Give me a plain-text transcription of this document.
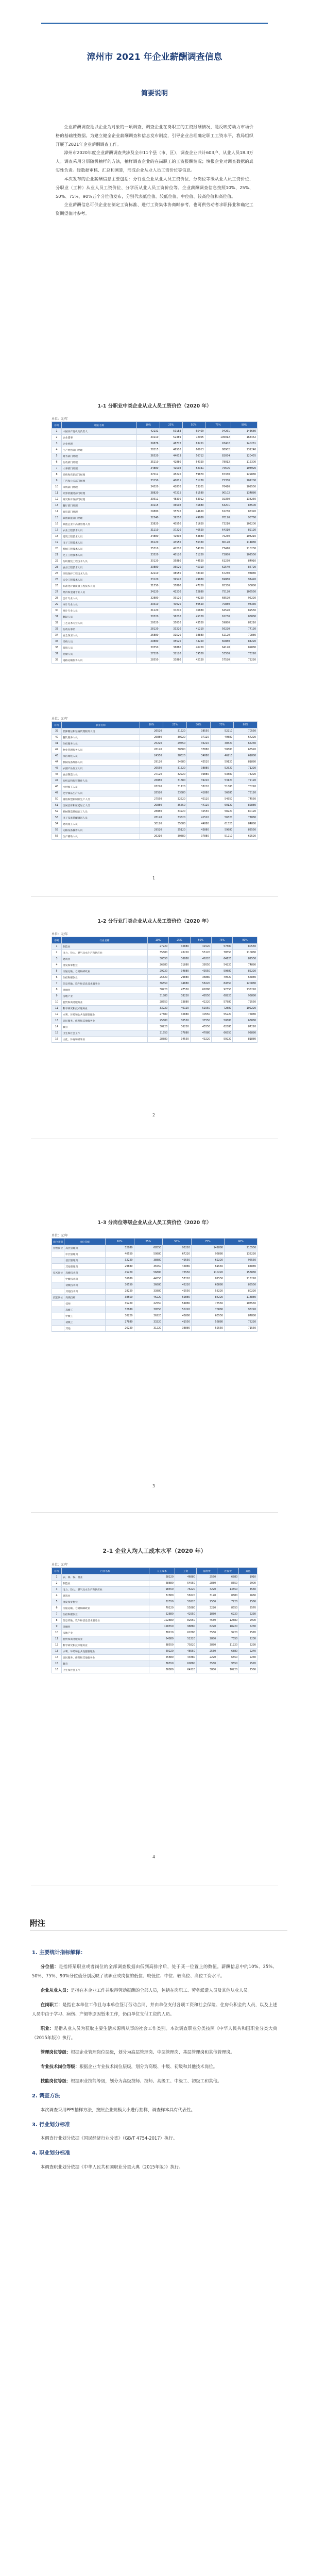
漳州市 2021 年企业薪酬调查信息
简要说明

企业薪酬调查是以企业为对象的一项调查，调查企业在岗职工的工资报酬情况，是反映劳动力市场价格的基础性数据。为建立健全企业薪酬调查和信息发布制度，引导企业合理确定职工工资水平，我局组织开展了2021年企业薪酬调查工作。

漳州市2020年度企业薪酬调查共涉及全市11个县（市、区），调查企业共计603户、从业人员18.3万人。调查采用分层随机抽样的方法，抽样调查企业的在岗职工的工资报酬情况；填报企业对调查数据的真实性负责。经数据审核、汇总和测算，形成企业从业人员工资价位等信息。

本次发布的企业薪酬信息主要包括：分行业企业从业人员工资价位、分岗位等级从业人员工资价位、分职业（工种）从业人员工资价位、分学历从业人员工资价位等。企业薪酬调查信息按照10%、25%、50%、75%、90%五个分位值发布，分别代表低位值、较低位值、中位值、较高位值和高位值。

企业薪酬信息可供企业在制定工资标准、进行工资集体协商时参考，也可供劳动者求职择业和确定工资期望值时参考。

1-1 分职业中类企业从业人员工资价位（2020 年）
单位：元/年
序号	职业名称	10%	25%	50%	75%	90%
1	中国共产党机关负责人	42131	50183	65409	94261	143680
2	企业董事	40210	52389	72005	106012	163452
3	企业经理	39876	48772	63221	93402	140281
4	生产经营部门经理	38215	46510	60013	88902	131240
5	财务部门经理	36520	44013	56712	82034	120455
6	行政部门经理	35210	42880	54320	78012	112300
7	人事部门经理	34880	41502	52331	75506	108920
8	销售和营销部门经理	37012	45220	59870	87330	129880
9	广告和公关部门经理	33150	40011	51230	72350	101200
10	采购部门经理	34520	41870	53201	76410	109550
11	计算机服务部门经理	38820	47215	61580	90102	134880
12	研究和开发部门经理	39511	48330	63012	92350	138250
13	餐厅部门经理	30215	36502	45880	63201	88500
14	客房部门经理	29880	35720	44650	61230	85320
15	其他职能部门经理	32540	39210	49880	70120	98760
16	其他企业中高级管理人员	33820	40550	51620	73210	103200
17	农业工程技术人员	31210	37220	46520	64310	89120
18	建筑工程技术人员	34880	41902	53880	76230	108210
19	电子工程技术人员	36120	43550	56330	80120	114880
20	机械工程技术人员	35310	42210	54120	77410	110230
21	化工工程技术人员	33520	40120	51220	72880	102550
22	纺织服装工程技术人员	30120	35880	44520	61230	84910
23	食品工程技术人员	30880	36520	45310	62540	86720
24	环境保护工程技术人员	32210	38550	48320	67230	93880
25	安全工程技术人员	33120	39520	49880	69880	97420
26	标准化计量质量工程技术人员	31550	37880	47220	65330	90880
27	经济和金融专业人员	34220	41230	52880	75120	106550
28	会计专业人员	32880	39120	49220	68520	95220
29	审计专业人员	33510	40020	50520	70880	98330
30	统计专业人员	31220	37210	46880	64520	89550
31	翻译人员	30520	36210	45120	62230	85880
32	工艺美术专业人员	29520	35010	43520	59880	82210
33	行政办事员	28120	33220	41210	56220	77120
34	安全保卫人员	26880	31520	38880	52120	70880
35	采购人员	29880	35520	44220	60880	84220
36	营销人员	30550	36880	46220	64120	89880
37	仓储人员	27220	32120	39520	53550	73220
38	道路运输服务人员	28550	33880	42120	57520	79220
单位：元/年
序号	职业名称	10%	25%	50%	75%	90%
39	装卸搬运和运输代理服务人员	26520	31220	38550	52210	70550
40	餐饮服务人员	25880	30220	37120	49880	67220
41	住宿服务人员	25220	29550	36210	48520	65230
42	物业管理服务人员	26120	30880	37880	50880	68520
43	保洁绿化人员	24550	28520	34880	46210	61880
44	机械设备维修人员	29120	34880	43520	59120	81880
45	农副产品加工人员	26550	31520	38880	52520	71220
46	食品制造人员	27120	32220	39880	53880	73220
47	纺织品和服装制作人员	26880	31880	39220	53120	72120
48	木材加工人员	26220	31120	38210	51880	70220
49	化学制品生产人员	28520	33880	41880	56880	78120
50	橡胶和塑料制品生产人员	27550	32520	40120	54550	74550
51	金属冶炼和压延加工人员	29880	35550	44120	60120	82880
52	机械制造基础加工人员	28880	34220	42550	58220	80120
53	电子设备装配调试人员	28120	33520	41520	56520	77880
54	建筑施工人员	30120	35880	44880	61520	84880
55	运输设备操作人员	29520	35120	43880	59880	82550
56	生产辅助人员	26210	30880	37880	51210	69520
1
1-2 分行业门类企业从业人员工资价位（2020 年）
单位：元/年
序号	行业名称	10%	25%	50%	75%	90%
1	制造业	27220	32880	41520	57880	80550
2	电力、热力、燃气及水生产和供应业	35880	43220	55120	78550	110880
3	建筑业	30550	36880	46220	64120	89550
4	批发和零售业	26880	31880	39550	54220	74880
5	交通运输、仓储和邮政业	29220	34880	43550	59880	82220
6	住宿和餐饮业	25520	29880	36880	49520	66880
7	信息传输、软件和信息技术服务业	36550	44880	58220	84550	120880
8	金融业	38220	47550	62880	92550	135220
9	房地产业	31880	38220	48550	68220	95880
10	租赁和商务服务业	28550	33880	42220	57880	79550
11	科学研究和技术服务业	33220	40120	51550	72880	102220
12	水利、环境和公共设施管理业	27880	32880	40550	55220	75880
13	居民服务、修理和其他服务业	25880	30550	37550	50880	68880
14	教育	30220	36220	45550	62880	87220
15	卫生和社会工作	31550	37880	47880	66550	92880
16	文化、体育和娱乐业	28880	34550	43220	59220	81880
2
1-3 分岗位等级企业从业人员工资价位（2020 年）
单位：元/年
岗位类别	岗位等级	10%	25%	50%	75%	90%
管理岗位	高层管理岗	52880	68550	95220	142880	210550
	中层管理岗	40550	50880	67220	96880	138220
	基层管理岗	32220	38880	49550	69220	96550
	其他管理岗	29880	35550	44880	61550	84880
技术岗位	高级技术岗	45220	56880	76550	110220	158880
	中级技术岗	36880	44550	57220	81550	115220
	初级技术岗	30550	36880	46220	63880	88550
	其他技术岗	28220	33880	42550	58220	80220
技能岗位	高级技师	38550	46220	59880	84220	118880
	技师	35220	42550	54880	77550	108550
	高级工	32880	39550	50220	70880	98220
	中级工	30220	36220	45880	63550	87880
	初级工	27880	33220	41550	56880	78220
	其他	26220	31220	38880	52550	71550
3
2-1 企业人均人工成本水平（2020 年）
单位：元/年
序号	行业名称	人工成本	工资	福利费	社保费	其他
1	农、林、牧、渔业	58220	46880	2550	6880	1910
2	制造业	68880	54550	2880	8550	2900
3	电力、热力、燃气及水生产和供应业	98550	76220	4220	13550	4560
4	建筑业	72880	58220	3120	8880	2660
5	批发和零售业	62550	50220	2550	7220	2560
6	交通运输、仓储和邮政业	70220	55880	3220	8550	2570
7	住宿和餐饮业	52880	42550	1880	6220	2230
8	信息传输、软件和信息技术服务业	102880	82550	4550	12880	2900
9	金融业	128550	98880	6220	18220	5230
10	房地产业	78220	62880	3550	9220	2570
11	租赁和商务服务业	64880	52220	2880	7550	2230
12	科学研究和技术服务业	88550	70220	3880	11220	3230
13	水利、环境和公共设施管理业	60220	48550	2550	6880	2240
14	居民服务、修理和其他服务业	55880	44880	2220	6550	2230
15	教育	76550	60880	3550	9550	2570
16	卫生和社会工作	80880	64220	3880	10220	2560
4
附注
1. 主要统计指标解释：

分位值：是指将某职业或者岗位的全部调查数据由低到高排序后，处于某一位置上的数值。薪酬信息中的10%、25%、50%、75%、90%分位值分别反映了该职业或岗位的低位、较低位、中位、较高位、高位工资水平。

企业从业人员：是指在本企业工作并取得劳动报酬的全部人员，包括在岗职工、劳务派遣人员及其他从业人员。

在岗职工：是指在本单位工作且与本单位签订劳动合同，并由单位支付各项工资和社会保险、住房公积金的人员，以及上述人员中由于学习、病伤、产假等原因暂未工作，仍由单位支付工资的人员。

职业：是指从业人员为获取主要生活来源所从事的社会工作类别。本次调查职业分类按照《中华人民共和国职业分类大典（2015年版）》执行。

管理岗位等级：根据企业管理岗位层级，划分为高层管理岗、中层管理岗、基层管理岗和其他管理岗。

专业技术岗位等级：根据企业专业技术岗位层级，划分为高级、中级、初级和其他技术岗位。

技能岗位等级：根据职业技能等级，划分为高级技师、技师、高级工、中级工、初级工和其他。

2. 调查方法

本次调查采用PPS抽样方法，按照企业规模大小进行抽样，调查样本具有代表性。

3. 行业划分标准

本调查行业划分依据《国民经济行业分类》（GB/T 4754-2017）执行。

4. 职业划分标准

本调查职业划分依据《中华人民共和国职业分类大典（2015年版）》执行。
